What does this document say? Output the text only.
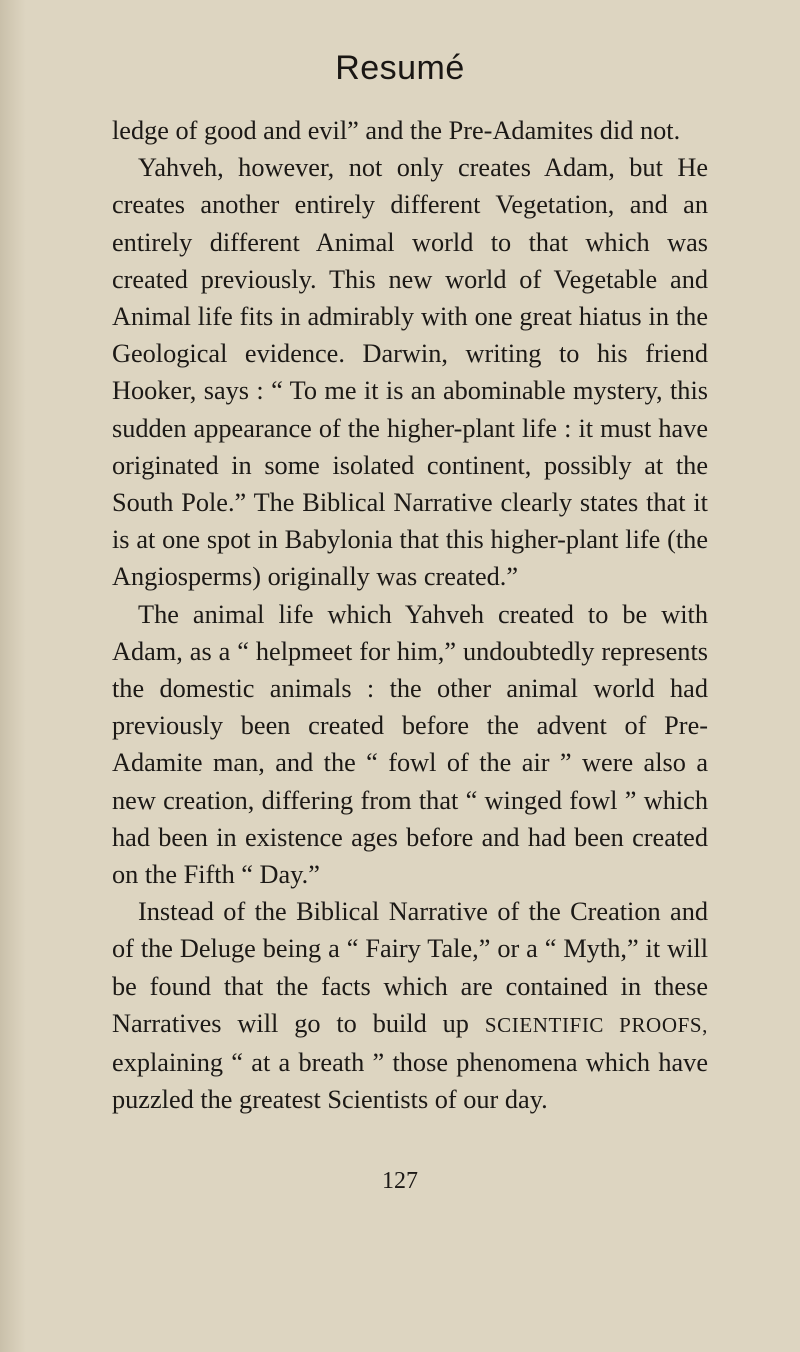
Resumé

ledge of good and evil” and the Pre-Adamites did not.

Yahveh, however, not only creates Adam, but He creates another entirely different Vegetation, and an entirely different Animal world to that which was created previously. This new world of Vegetable and Animal life fits in admirably with one great hiatus in the Geological evidence. Darwin, writing to his friend Hooker, says : “ To me it is an abominable mystery, this sudden appearance of the higher-plant life : it must have originated in some isolated continent, possibly at the South Pole.” The Biblical Narrative clearly states that it is at one spot in Babylonia that this higher-plant life (the Angiosperms) originally was created.”

The animal life which Yahveh created to be with Adam, as a “ helpmeet for him,” undoubtedly represents the domestic animals : the other animal world had previously been created before the advent of Pre-Adamite man, and the “ fowl of the air ” were also a new creation, differing from that “ winged fowl ” which had been in existence ages before and had been created on the Fifth “ Day.”

Instead of the Biblical Narrative of the Creation and of the Deluge being a “ Fairy Tale,” or a “ Myth,” it will be found that the facts which are contained in these Narratives will go to build up SCIENTIFIC PROOFS, explaining “ at a breath ” those phenomena which have puzzled the greatest Scientists of our day.

127
